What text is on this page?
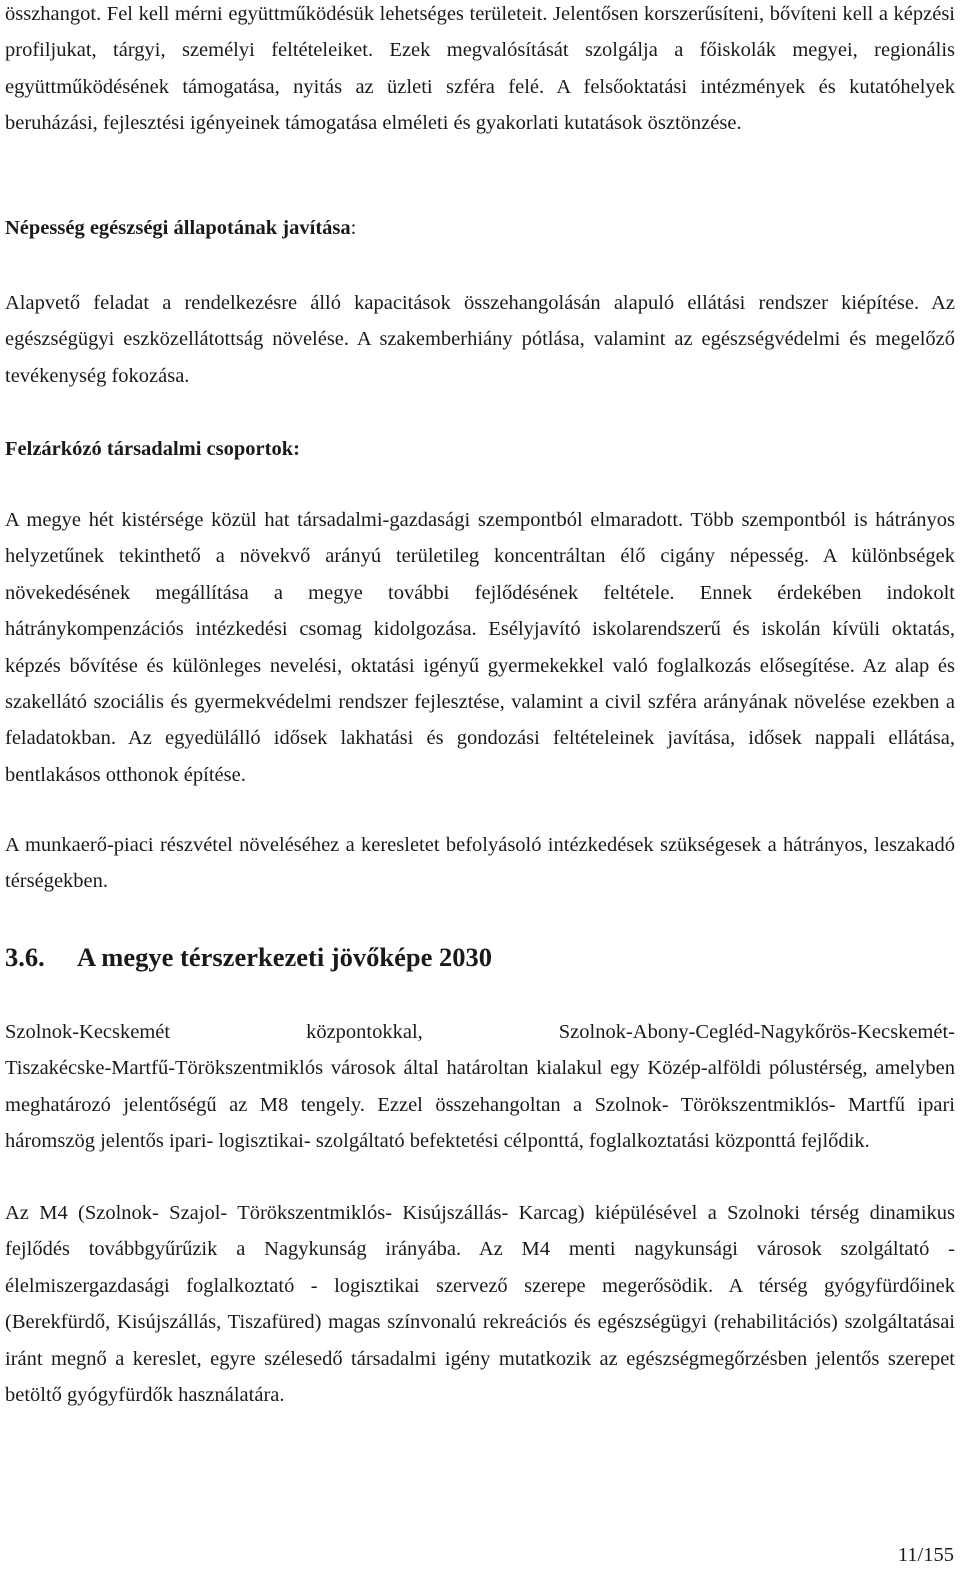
összhangot. Fel kell mérni együttműködésük lehetséges területeit. Jelentősen korszerűsíteni, bővíteni kell a képzési profiljukat, tárgyi, személyi feltételeiket. Ezek megvalósítását szolgálja a főiskolák megyei, regionális együttműködésének támogatása, nyitás az üzleti szféra felé. A felsőoktatási intézmények és kutatóhelyek beruházási, fejlesztési igényeinek támogatása elméleti és gyakorlati kutatások ösztönzése.

Népesség egészségi állapotának javítása:

Alapvető feladat a rendelkezésre álló kapacitások összehangolásán alapuló ellátási rendszer kiépítése. Az egészségügyi eszközellátottság növelése. A szakemberhiány pótlása, valamint az egészségvédelmi és megelőző tevékenység fokozása.

Felzárkózó társadalmi csoportok:

A megye hét kistérsége közül hat társadalmi-gazdasági szempontból elmaradott. Több szempontból is hátrányos helyzetűnek tekinthető a növekvő arányú területileg koncentráltan élő cigány népesség. A különbségek növekedésének megállítása a megye további fejlődésének feltétele. Ennek érdekében indokolt hátránykompenzációs intézkedési csomag kidolgozása. Esélyjavító iskolarendszerű és iskolán kívüli oktatás, képzés bővítése és különleges nevelési, oktatási igényű gyermekekkel való foglalkozás elősegítése. Az alap és szakellátó szociális és gyermekvédelmi rendszer fejlesztése, valamint a civil szféra arányának növelése ezekben a feladatokban. Az egyedülálló idősek lakhatási és gondozási feltételeinek javítása, idősek nappali ellátása, bentlakásos otthonok építése.

A munkaerő-piaci részvétel növeléséhez a keresletet befolyásoló intézkedések szükségesek a hátrányos, leszakadó térségekben.

3.6.	A megye térszerkezeti jövőképe 2030

Szolnok-Kecskemét központokkal, Szolnok-Abony-Cegléd-Nagykőrös-Kecskemét-

Tiszakécske-Martfű-Törökszentmiklós városok által határoltan kialakul egy Közép-alföldi pólustérség, amelyben meghatározó jelentőségű az M8 tengely. Ezzel összehangoltan a Szolnok- Törökszentmiklós- Martfű ipari háromszög jelentős ipari- logisztikai- szolgáltató befektetési célponttá, foglalkoztatási központtá fejlődik.

Az M4 (Szolnok- Szajol- Törökszentmiklós- Kisújszállás- Karcag) kiépülésével a Szolnoki térség dinamikus fejlődés továbbgyűrűzik a Nagykunság irányába. Az M4 menti nagykunsági városok szolgáltató - élelmiszergazdasági foglalkoztató - logisztikai szervező szerepe megerősödik. A térség gyógyfürdőinek (Berekfürdő, Kisújszállás, Tiszafüred) magas színvonalú rekreációs és egészségügyi (rehabilitációs) szolgáltatásai iránt megnő a kereslet, egyre szélesedő társadalmi igény mutatkozik az egészségmegőrzésben jelentős szerepet betöltő gyógyfürdők használatára.

11/155
